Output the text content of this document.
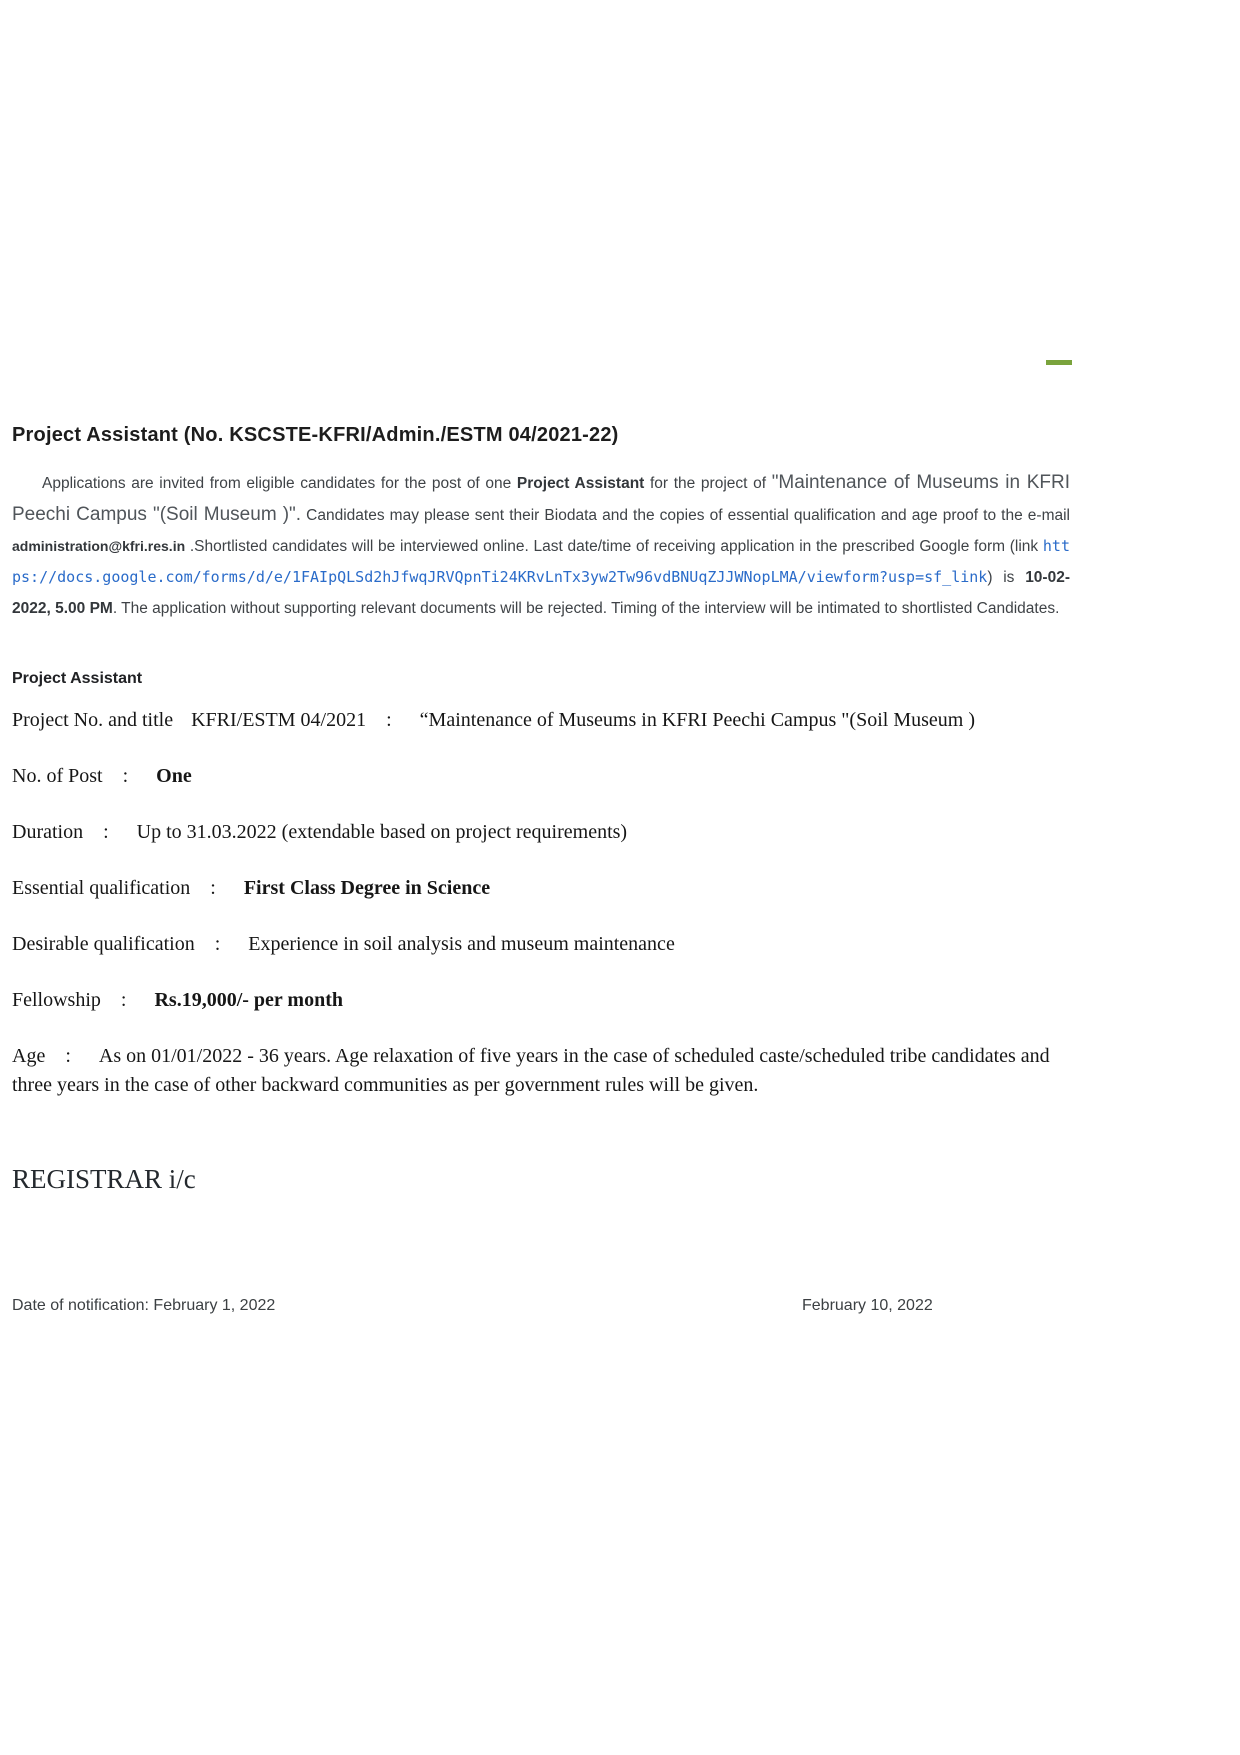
Project Assistant (No. KSCSTE-KFRI/Admin./ESTM 04/2021-22)

Applications are invited from eligible candidates for the post of one Project Assistant for the project of "Maintenance of Museums in KFRI Peechi Campus "(Soil Museum )". Candidates may please sent their Biodata and the copies of essential qualification and age proof to the e-mail administration@kfri.res.in .Shortlisted candidates will be interviewed online. Last date/time of receiving application in the prescribed Google form (link https://docs.google.com/forms/d/e/1FAIpQLSd2hJfwqJRVQpnTi24KRvLnTx3yw2Tw96vdBNUqZJJWNopLMA/viewform?usp=sf_link) is 10-02-2022, 5.00 PM. The application without supporting relevant documents will be rejected. Timing of the interview will be intimated to shortlisted Candidates.

Project Assistant

Project No. and title KFRI/ESTM 04/2021 : “Maintenance of Museums in KFRI Peechi Campus "(Soil Museum )

No. of Post : One

Duration : Up to 31.03.2022 (extendable based on project requirements)

Essential qualification : First Class Degree in Science

Desirable qualification : Experience in soil analysis and museum maintenance

Fellowship : Rs.19,000/- per month

Age : As on 01/01/2022 - 36 years. Age relaxation of five years in the case of scheduled caste/scheduled tribe candidates and three years in the case of other backward communities as per government rules will be given.

REGISTRAR i/c

Date of notification: February 1, 2022	February 10, 2022
